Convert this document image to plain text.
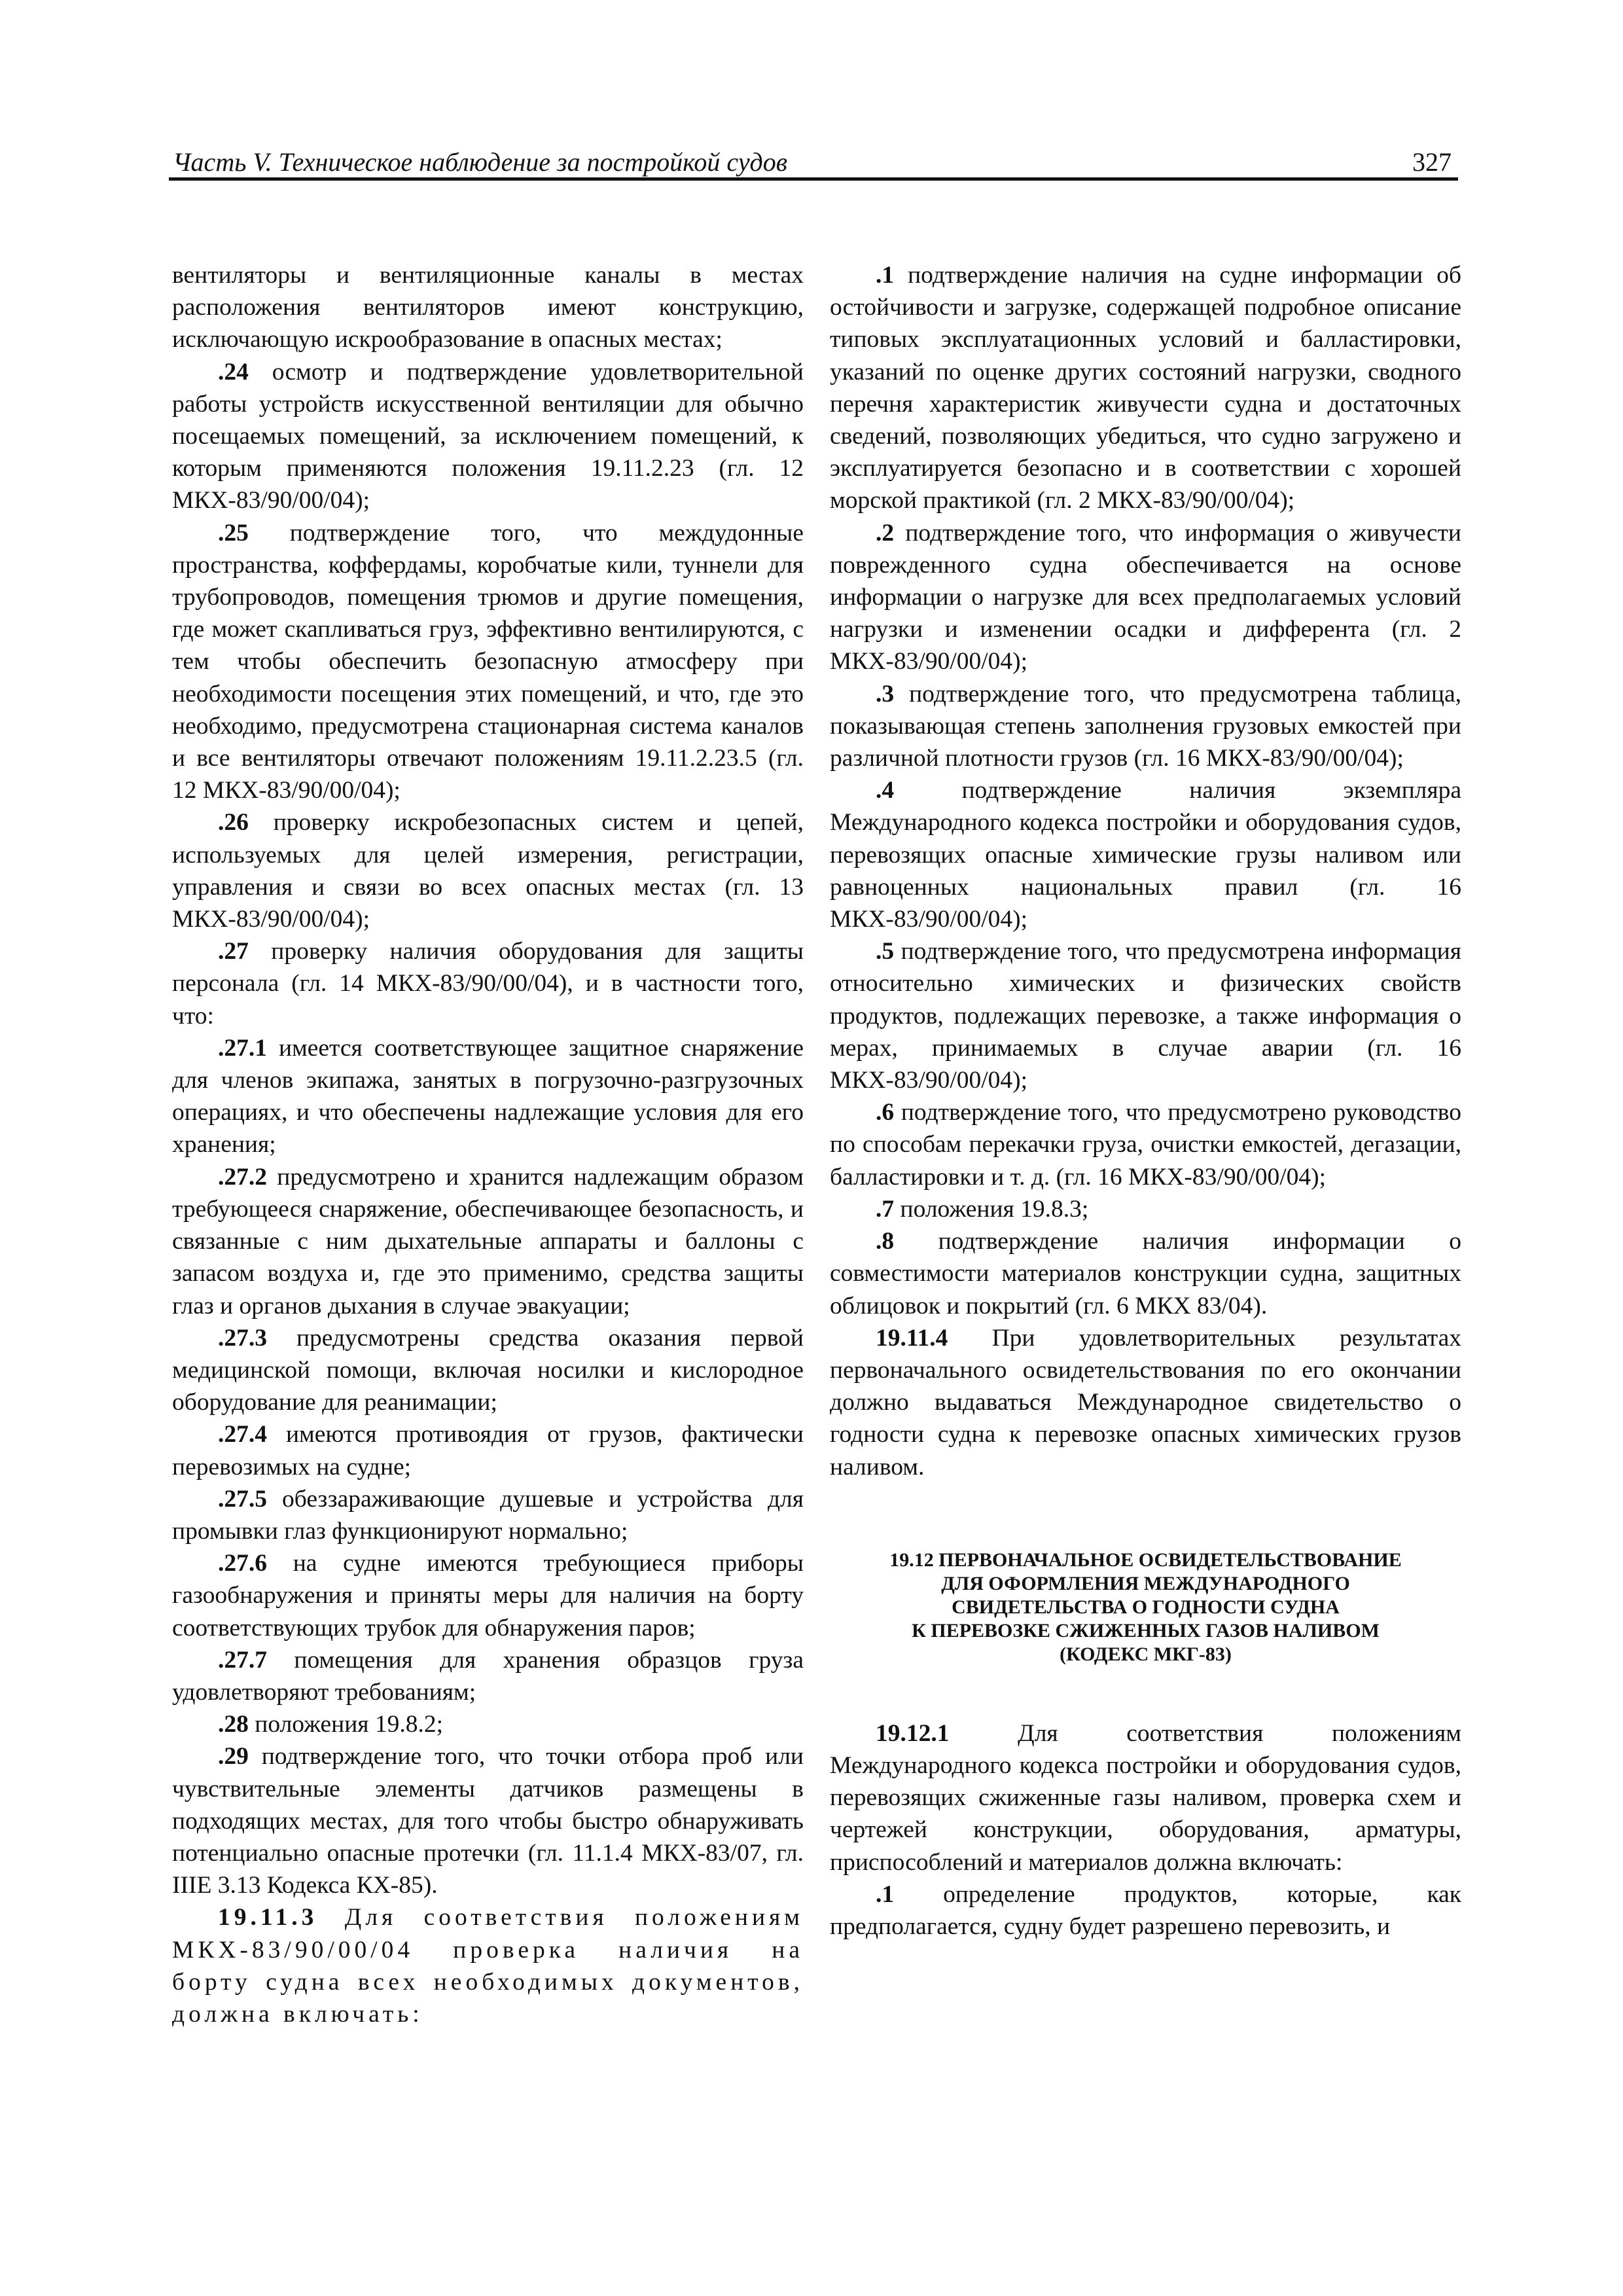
Часть V. Техническое наблюдение за постройкой судов	327

вентиляторы и вентиляционные каналы в местах расположения вентиляторов имеют конструкцию, исключающую искрообразование в опасных местах;

.24 осмотр и подтверждение удовлетворительной работы устройств искусственной вентиляции для обычно посещаемых помещений, за исключением помещений, к которым применяются положения 19.11.2.23 (гл. 12 МКХ-83/90/00/04);

.25 подтверждение того, что междудонные пространства, коффердамы, коробчатые кили, туннели для трубопроводов, помещения трюмов и другие помещения, где может скапливаться груз, эффективно вентилируются, с тем чтобы обеспечить безопасную атмосферу при необходимости посещения этих помещений, и что, где это необходимо, предусмотрена стационарная система каналов и все вентиляторы отвечают положениям 19.11.2.23.5 (гл. 12 МКХ-83/90/00/04);

.26 проверку искробезопасных систем и цепей, используемых для целей измерения, регистрации, управления и связи во всех опасных местах (гл. 13 МКХ-83/90/00/04);

.27 проверку наличия оборудования для защиты персонала (гл. 14 МКХ-83/90/00/04), и в частности того, что:

.27.1 имеется соответствующее защитное снаряжение для членов экипажа, занятых в погрузочно-разгрузочных операциях, и что обеспечены надлежащие условия для его хранения;

.27.2 предусмотрено и хранится надлежащим образом требующееся снаряжение, обеспечивающее безопасность, и связанные с ним дыхательные аппараты и баллоны с запасом воздуха и, где это применимо, средства защиты глаз и органов дыхания в случае эвакуации;

.27.3 предусмотрены средства оказания первой медицинской помощи, включая носилки и кислородное оборудование для реанимации;

.27.4 имеются противоядия от грузов, фактически перевозимых на судне;

.27.5 обеззараживающие душевые и устройства для промывки глаз функционируют нормально;

.27.6 на судне имеются требующиеся приборы газообнаружения и приняты меры для наличия на борту соответствующих трубок для обнаружения паров;

.27.7 помещения для хранения образцов груза удовлетворяют требованиям;

.28 положения 19.8.2;

.29 подтверждение того, что точки отбора проб или чувствительные элементы датчиков размещены в подходящих местах, для того чтобы быстро обнаруживать потенциально опасные протечки (гл. 11.1.4 МКХ-83/07, гл. IIIE 3.13 Кодекса КХ-85).

19.11.3 Для соответствия положениям МКХ-83/90/00/04 проверка наличия на борту судна всех необходимых документов, должна включать:

.1 подтверждение наличия на судне информации об остойчивости и загрузке, содержащей подробное описание типовых эксплуатационных условий и балластировки, указаний по оценке других состояний нагрузки, сводного перечня характеристик живучести судна и достаточных сведений, позволяющих убедиться, что судно загружено и эксплуатируется безопасно и в соответствии с хорошей морской практикой (гл. 2 МКХ-83/90/00/04);

.2 подтверждение того, что информация о живучести поврежденного судна обеспечивается на основе информации о нагрузке для всех предполагаемых условий нагрузки и изменении осадки и дифферента (гл. 2 МКХ-83/90/00/04);

.3 подтверждение того, что предусмотрена таблица, показывающая степень заполнения грузовых емкостей при различной плотности грузов (гл. 16 МКХ-83/90/00/04);

.4 подтверждение наличия экземпляра Международного кодекса постройки и оборудования судов, перевозящих опасные химические грузы наливом или равноценных национальных правил (гл. 16 МКХ-83/90/00/04);

.5 подтверждение того, что предусмотрена информация относительно химических и физических свойств продуктов, подлежащих перевозке, а также информация о мерах, принимаемых в случае аварии (гл. 16 МКХ-83/90/00/04);

.6 подтверждение того, что предусмотрено руководство по способам перекачки груза, очистки емкостей, дегазации, балластировки и т. д. (гл. 16 МКХ-83/90/00/04);

.7 положения 19.8.3;

.8 подтверждение наличия информации о совместимости материалов конструкции судна, защитных облицовок и покрытий (гл. 6 МКХ 83/04).

19.11.4 При удовлетворительных результатах первоначального освидетельствования по его окончании должно выдаваться Международное свидетельство о годности судна к перевозке опасных химических грузов наливом.

19.12 ПЕРВОНАЧАЛЬНОЕ ОСВИДЕТЕЛЬСТВОВАНИЕ
ДЛЯ ОФОРМЛЕНИЯ МЕЖДУНАРОДНОГО
СВИДЕТЕЛЬСТВА О ГОДНОСТИ СУДНА
К ПЕРЕВОЗКЕ СЖИЖЕННЫХ ГАЗОВ НАЛИВОМ
(КОДЕКС МКГ-83)

19.12.1 Для соответствия положениям Международного кодекса постройки и оборудования судов, перевозящих сжиженные газы наливом, проверка схем и чертежей конструкции, оборудования, арматуры, приспособлений и материалов должна включать:

.1 определение продуктов, которые, как предполагается, судну будет разрешено перевозить, и
